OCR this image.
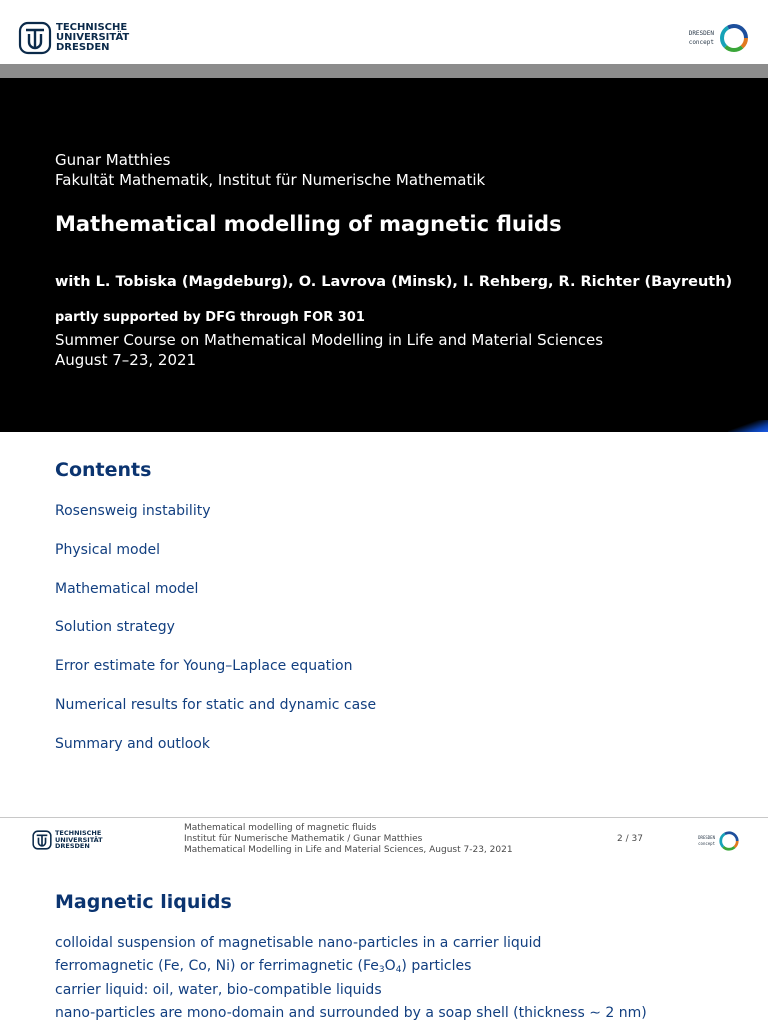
TECHNISCHE
UNIVERSITÄT
DRESDEN
DRESDEN
concept
Gunar Matthies
Fakultät Mathematik, Institut für Numerische Mathematik
Mathematical modelling of magnetic fluids
with L. Tobiska (Magdeburg), O. Lavrova (Minsk), I. Rehberg, R. Richter (Bayreuth)
partly supported by DFG through FOR 301
Summer Course on Mathematical Modelling in Life and Material Sciences
August 7–23, 2021
Contents
Rosensweig instability
Physical model
Mathematical model
Solution strategy
Error estimate for Young–Laplace equation
Numerical results for static and dynamic case
Summary and outlook
TECHNISCHE
UNIVERSITÄT
DRESDEN
Mathematical modelling of magnetic fluids
Institut für Numerische Mathematik / Gunar Matthies
Mathematical Modelling in Life and Material Sciences, August 7-23, 2021
2 / 37	DRESDEN
concept
Magnetic liquids
colloidal suspension of magnetisable nano-particles in a carrier liquid
ferromagnetic (Fe, Co, Ni) or ferrimagnetic $(Fe_3O_4)$ particles
carrier liquid: oil, water, bio-compatible liquids
nano-particles are mono-domain and surrounded by a soap shell (thickness ∼ 2 nm)
